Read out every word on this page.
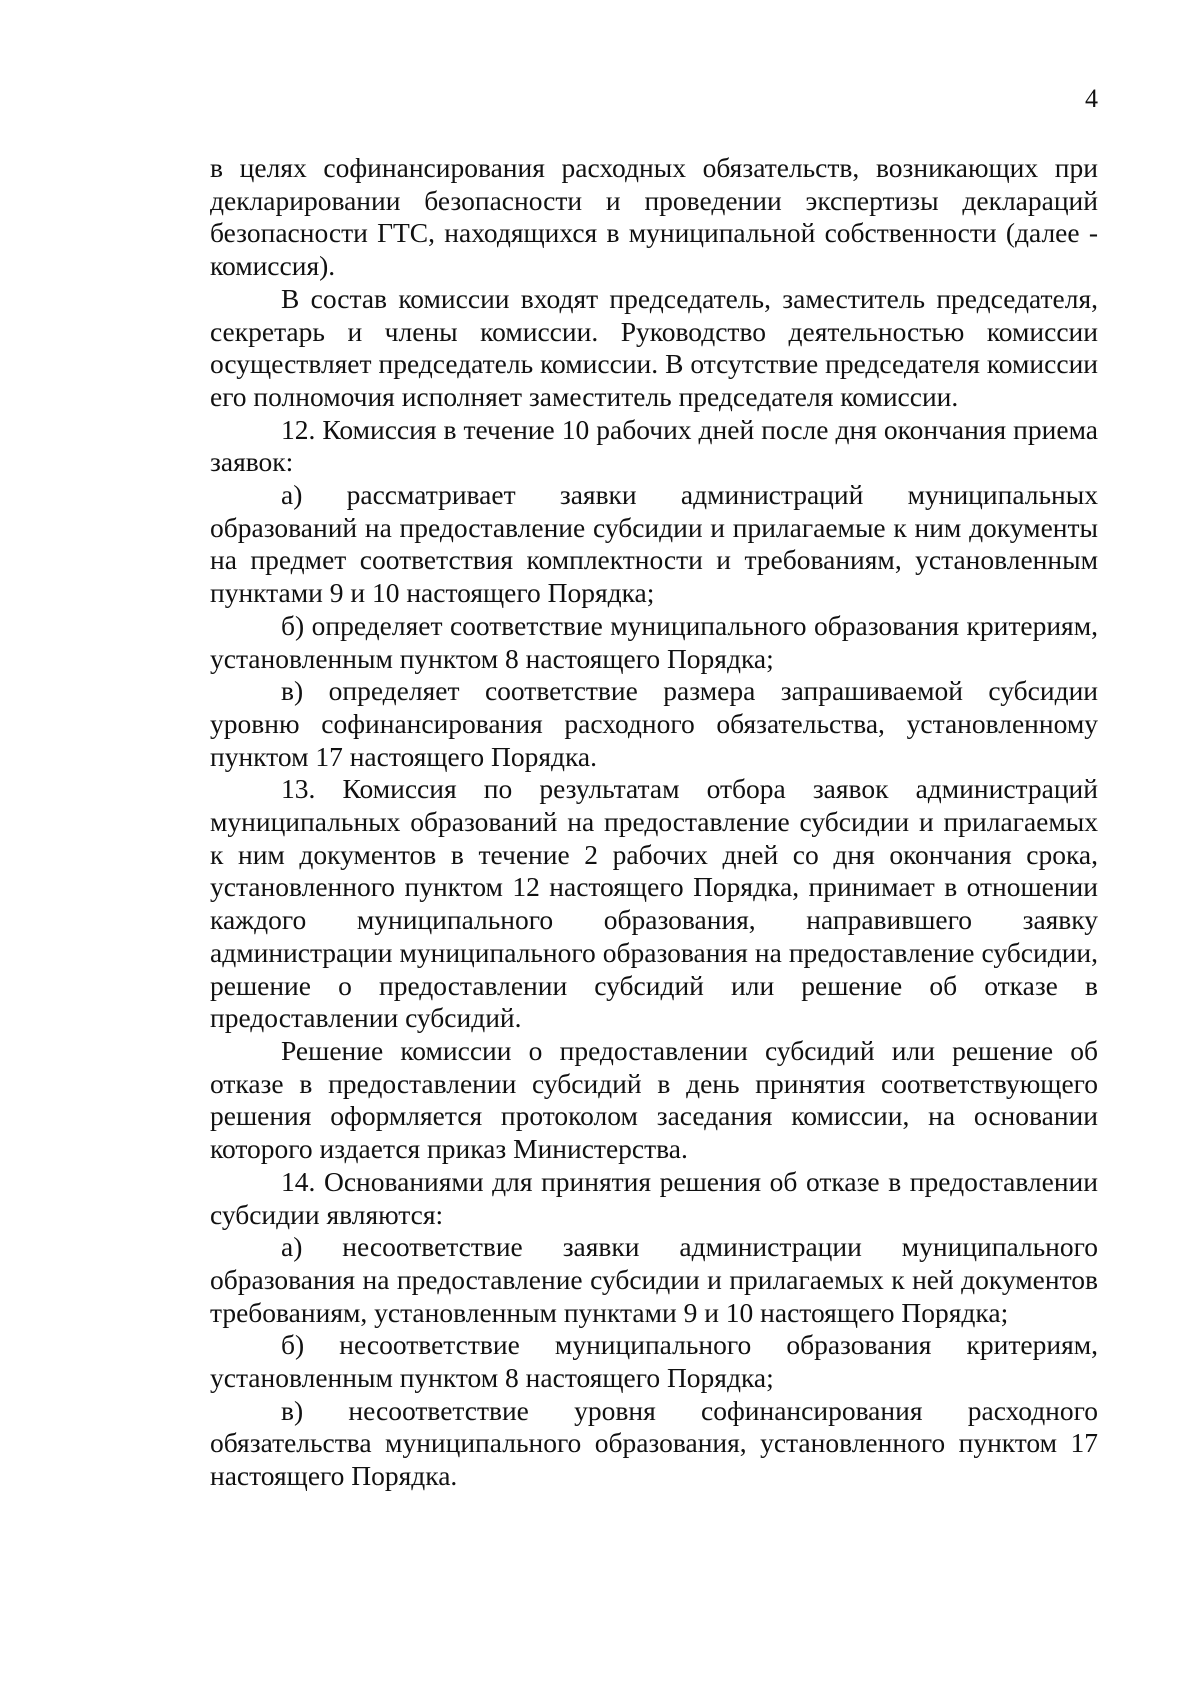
4

в целях софинансирования расходных обязательств, возникающих при декларировании безопасности и проведении экспертизы деклараций безопасности ГТС, находящихся в муниципальной собственности (далее - комиссия).

В состав комиссии входят председатель, заместитель председателя, секретарь и члены комиссии. Руководство деятельностью комиссии осуществляет председатель комиссии. В отсутствие председателя комиссии его полномочия исполняет заместитель председателя комиссии.

12. Комиссия в течение 10 рабочих дней после дня окончания приема заявок:

а) рассматривает заявки администраций муниципальных образований на предоставление субсидии и прилагаемые к ним документы на предмет соответствия комплектности и требованиям, установленным пунктами 9 и 10 настоящего Порядка;

б) определяет соответствие муниципального образования критериям, установленным пунктом 8 настоящего Порядка;

в) определяет соответствие размера запрашиваемой субсидии уровню софинансирования расходного обязательства, установленному пунктом 17 настоящего Порядка.

13. Комиссия по результатам отбора заявок администраций муниципальных образований на предоставление субсидии и прилагаемых к ним документов в течение 2 рабочих дней со дня окончания срока, установленного пунктом 12 настоящего Порядка, принимает в отношении каждого муниципального образования, направившего заявку администрации муниципального образования на предоставление субсидии, решение о предоставлении субсидий или решение об отказе в предоставлении субсидий.

Решение комиссии о предоставлении субсидий или решение об отказе в предоставлении субсидий в день принятия соответствующего решения оформляется протоколом заседания комиссии, на основании которого издается приказ Министерства.

14. Основаниями для принятия решения об отказе в предоставлении субсидии являются:

а) несоответствие заявки администрации муниципального образования на предоставление субсидии и прилагаемых к ней документов требованиям, установленным пунктами 9 и 10 настоящего Порядка;

б) несоответствие муниципального образования критериям, установленным пунктом 8 настоящего Порядка;

в) несоответствие уровня софинансирования расходного обязательства муниципального образования, установленного пунктом 17 настоящего Порядка.
